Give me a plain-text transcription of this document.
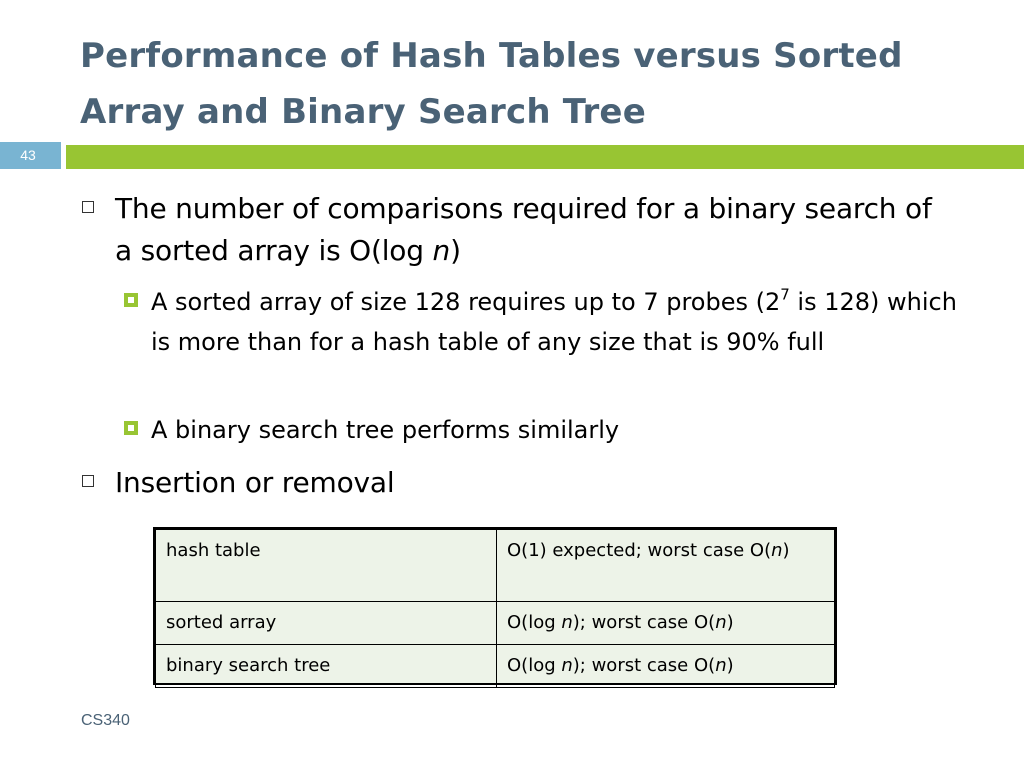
Performance of Hash Tables versus Sorted Array and Binary Search Tree
43
The number of comparisons required for a binary search of a sorted array is O(log n)
A sorted array of size 128 requires up to 7 probes ($2^7$ is 128) which is more than for a hash table of any size that is 90% full
A binary search tree performs similarly
Insertion or removal
hash table	O(1) expected; worst case O(n)
sorted array	O(log n); worst case O(n)
binary search tree	O(log n); worst case O(n)
CS340
